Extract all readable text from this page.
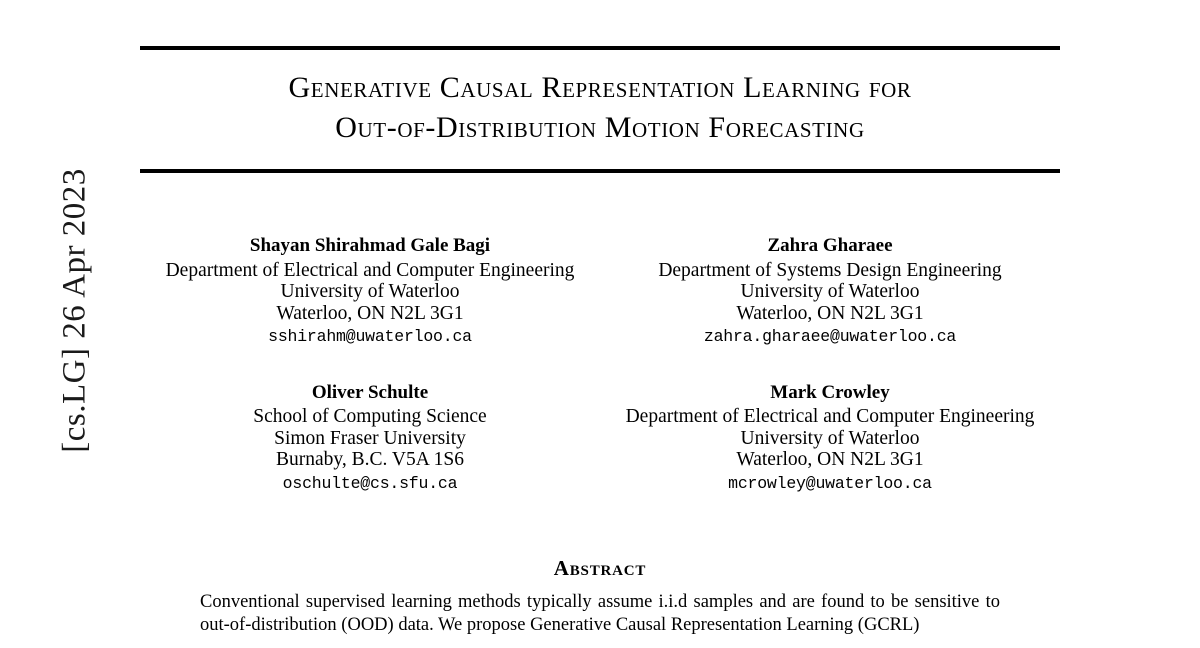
[cs.LG] 26 Apr 2023
Generative Causal Representation Learning for
Out-of-Distribution Motion Forecasting
Shayan Shirahmad Gale Bagi
Department of Electrical and Computer Engineering
University of Waterloo
Waterloo, ON N2L 3G1
sshirahm@uwaterloo.ca
Zahra Gharaee
Department of Systems Design Engineering
University of Waterloo
Waterloo, ON N2L 3G1
zahra.gharaee@uwaterloo.ca
Oliver Schulte
School of Computing Science
Simon Fraser University
Burnaby, B.C. V5A 1S6
oschulte@cs.sfu.ca
Mark Crowley
Department of Electrical and Computer Engineering
University of Waterloo
Waterloo, ON N2L 3G1
mcrowley@uwaterloo.ca
Abstract
Conventional supervised learning methods typically assume i.i.d samples and are found to be sensitive to out-of-distribution (OOD) data. We propose Generative Causal Representation Learning (GCRL)
